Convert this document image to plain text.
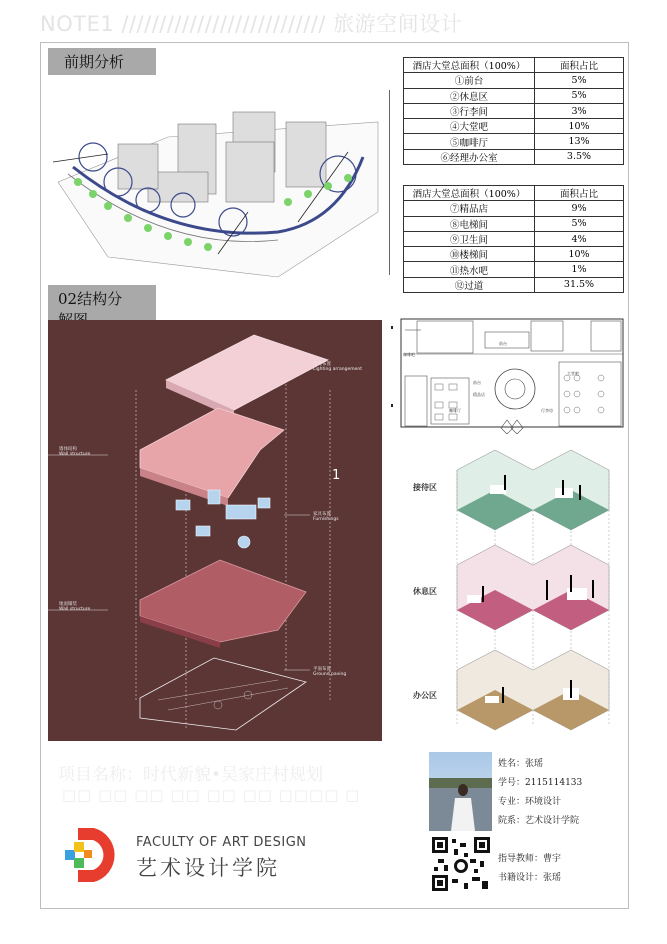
NOTE1 /////////////////////////// 旅游空间设计
前期分析
02结构分
酒店大堂总面积（100%）	面积占比
①前台	5%
②休息区	5%
③行李间	3%
④大堂吧	10%
⑤咖啡厅	13%
⑥经理办公室	3.5%
酒店大堂总面积（100%）	面积占比
⑦精品店	9%
⑧电梯间	5%
⑨卫生间	4%
⑩楼梯间	10%
⑪热水吧	1%
⑫过道	31.5%
1
灯光布置
Lighting arrangement
墙体结构
Wall structure
家具布置
Furnishings
地面铺装
Wall structure
平面布置
Ground paving
咖啡吧
前台
前台
精品店
大堂吧
咖啡厅	行李房
接待区
休息区
办公区
项目名称：时代新貌•吴家庄村规划
□□ □□ □□ □□ □□ □□ □□□□ □
FACULTY OF ART DESIGN
艺术设计学院
姓名：张瑶
学号：2115114133
专业：环境设计
院系：艺术设计学院
指导教师：曹宇
书籍设计：张瑶
